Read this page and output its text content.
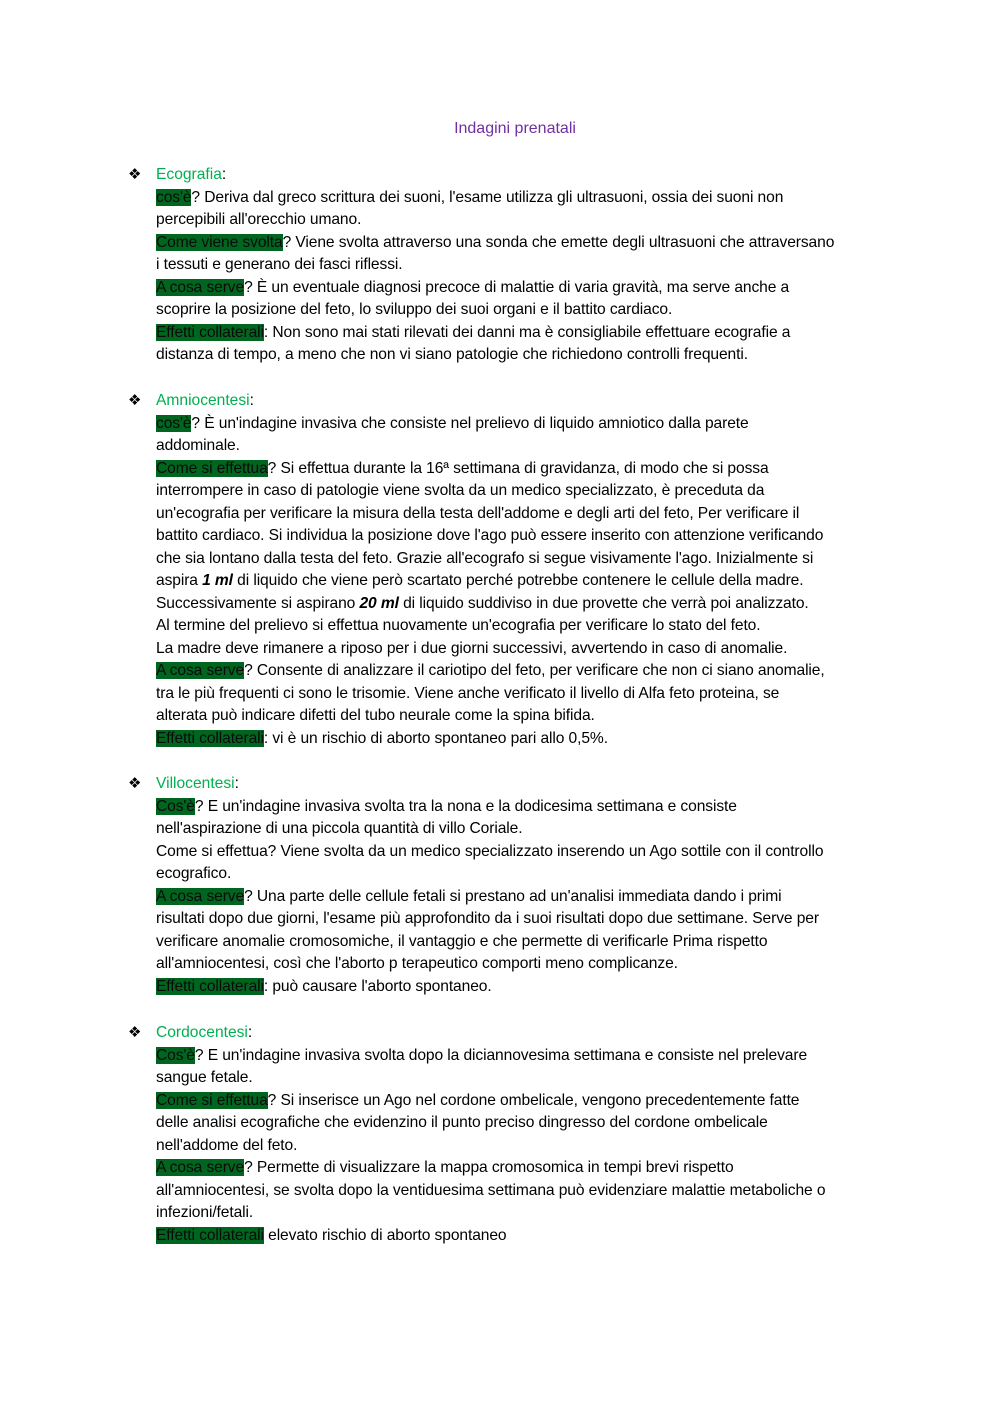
Indagini prenatali
❖ Ecografia:
cos'è? Deriva dal greco scrittura dei suoni, l'esame utilizza gli ultrasuoni, ossia dei suoni non
percepibili all'orecchio umano.
Come viene svolta? Viene svolta attraverso una sonda che emette degli ultrasuoni che attraversano
i tessuti e generano dei fasci riflessi.
A cosa serve? È un eventuale diagnosi precoce di malattie di varia gravità, ma serve anche a
scoprire la posizione del feto, lo sviluppo dei suoi organi e il battito cardiaco.
Effetti collaterali: Non sono mai stati rilevati dei danni ma è consigliabile effettuare ecografie a
distanza di tempo, a meno che non vi siano patologie che richiedono controlli frequenti.
❖ Amniocentesi:
cos'è? È un'indagine invasiva che consiste nel prelievo di liquido amniotico dalla parete
addominale.
Come si effettua? Si effettua durante la 16ª settimana di gravidanza, di modo che si possa
interrompere in caso di patologie viene svolta da un medico specializzato, è preceduta da
un'ecografia per verificare la misura della testa dell'addome e degli arti del feto, Per verificare il
battito cardiaco. Si individua la posizione dove l'ago può essere inserito con attenzione verificando
che sia lontano dalla testa del feto. Grazie all'ecografo si segue visivamente l'ago. Inizialmente si
aspira 1 ml di liquido che viene però scartato perché potrebbe contenere le cellule della madre.
Successivamente si aspirano 20 ml di liquido suddiviso in due provette che verrà poi analizzato.
Al termine del prelievo si effettua nuovamente un'ecografia per verificare lo stato del feto.
La madre deve rimanere a riposo per i due giorni successivi, avvertendo in caso di anomalie.
A cosa serve? Consente di analizzare il cariotipo del feto, per verificare che non ci siano anomalie,
tra le più frequenti ci sono le trisomie. Viene anche verificato il livello di Alfa feto proteina, se
alterata può indicare difetti del tubo neurale come la spina bifida.
Effetti collaterali: vi è un rischio di aborto spontaneo pari allo 0,5%.
❖ Villocentesi:
Cos'è? E un'indagine invasiva svolta tra la nona e la dodicesima settimana e consiste
nell'aspirazione di una piccola quantità di villo Coriale.
Come si effettua? Viene svolta da un medico specializzato inserendo un Ago sottile con il controllo
ecografico.
A cosa serve? Una parte delle cellule fetali si prestano ad un'analisi immediata dando i primi
risultati dopo due giorni, l'esame più approfondito da i suoi risultati dopo due settimane. Serve per
verificare anomalie cromosomiche, il vantaggio e che permette di verificarle Prima rispetto
all'amniocentesi, così che l'aborto p terapeutico comporti meno complicanze.
Effetti collaterali: può causare l'aborto spontaneo.
❖ Cordocentesi:
Cos'è? E un'indagine invasiva svolta dopo la diciannovesima settimana e consiste nel prelevare
sangue fetale.
Come si effettua? Si inserisce un Ago nel cordone ombelicale, vengono precedentemente fatte
delle analisi ecografiche che evidenzino il punto preciso dingresso del cordone ombelicale
nell'addome del feto.
A cosa serve? Permette di visualizzare la mappa cromosomica in tempi brevi rispetto
all'amniocentesi, se svolta dopo la ventiduesima settimana può evidenziare malattie metaboliche o
infezioni/fetali.
Effetti collaterali elevato rischio di aborto spontaneo
